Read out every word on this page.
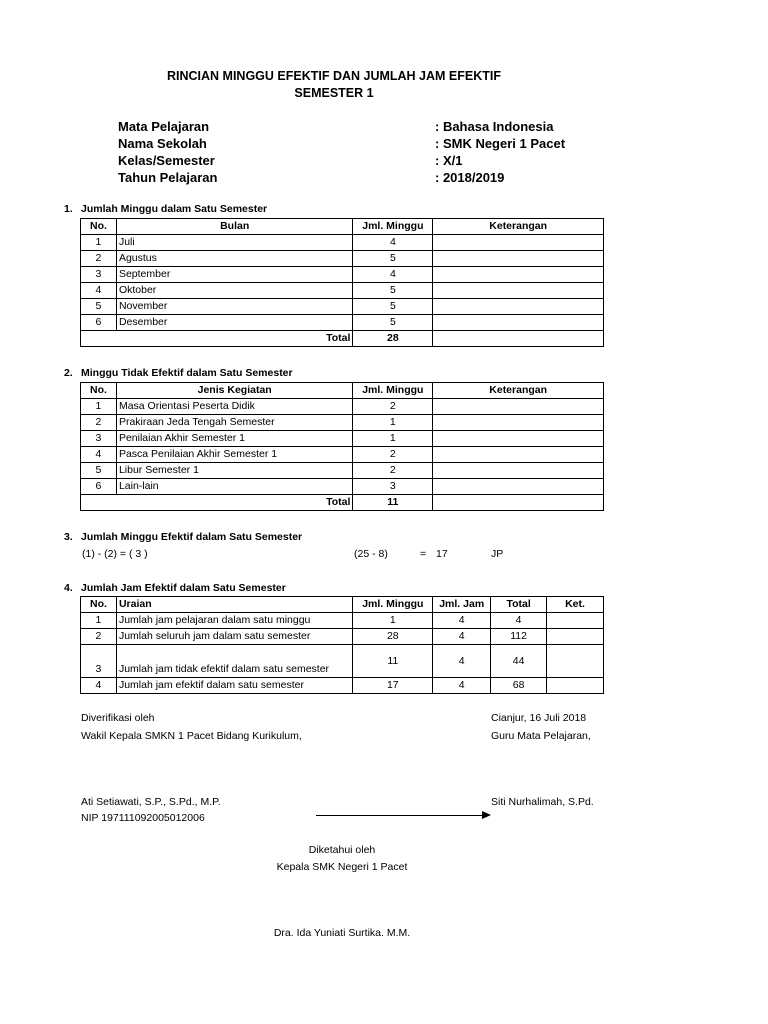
RINCIAN MINGGU EFEKTIF DAN JUMLAH JAM EFEKTIF
SEMESTER 1
Mata Pelajaran	: Bahasa Indonesia
Nama Sekolah	: SMK Negeri 1 Pacet
Kelas/Semester	: X/1
Tahun Pelajaran	: 2018/2019
1. Jumlah Minggu dalam Satu Semester
No.	Bulan	Jml. Minggu	Keterangan
1	Juli	4	
2	Agustus	5	
3	September	4	
4	Oktober	5	
5	November	5	
6	Desember	5	
Total		28	
2. Minggu Tidak Efektif dalam Satu Semester
No.	Jenis Kegiatan	Jml. Minggu	Keterangan
1	Masa Orientasi Peserta Didik	2	
2	Prakiraan Jeda Tengah Semester	1	
3	Penilaian Akhir Semester 1	1	
4	Pasca Penilaian Akhir Semester 1	2	
5	Libur Semester 1	2	
6	Lain-lain	3	
Total		11	
3. Jumlah Minggu Efektif dalam Satu Semester
(1) - (2) = ( 3 )	(25 - 8)	= 17	JP
4. Jumlah Jam Efektif dalam Satu Semester
No.	Uraian	Jml. Minggu	Jml. Jam	Total	Ket.
1	Jumlah jam pelajaran dalam satu minggu	1	4	4	
2	Jumlah seluruh jam dalam satu semester	28	4	112	
3	Jumlah jam tidak efektif dalam satu semester	11	4	44	
4	Jumlah jam efektif dalam satu semester	17	4	68	
Diverifikasi oleh
Wakil Kepala SMKN 1 Pacet Bidang Kurikulum,
Cianjur, 16 Juli 2018
Guru Mata Pelajaran,
Ati Setiawati, S.P., S.Pd., M.P.
NIP 197111092005012006
Siti Nurhalimah, S.Pd.
Diketahui oleh
Kepala SMK Negeri 1 Pacet
Dra. Ida Yuniati Surtika. M.M.
